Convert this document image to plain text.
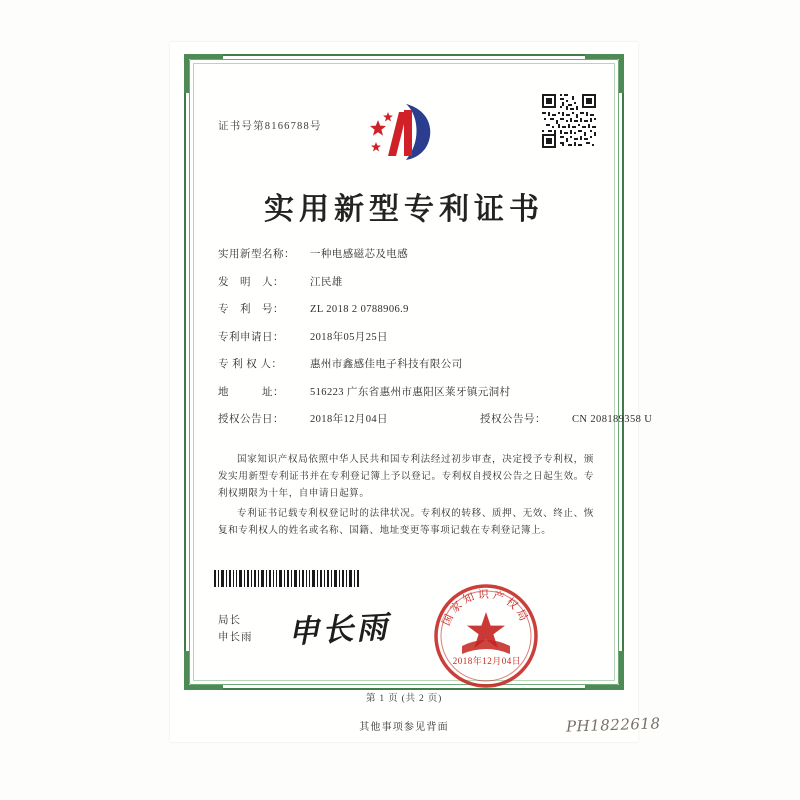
证书号第8166788号
实用新型专利证书
实用新型名称：	一种电感磁芯及电感
发　明　人：	江民雄
专　利　号：	ZL 2018 2 0788906.9
专利申请日：	2018年05月25日
专 利 权 人：	惠州市鑫感佳电子科技有限公司
地　　　址：	516223 广东省惠州市惠阳区莱牙镇元洞村
授权公告日：	2018年12月04日	授权公告号：	CN 208189358 U

国家知识产权局依照中华人民共和国专利法经过初步审查，决定授予专利权，颁发实用新型专利证书并在专利登记簿上予以登记。专利权自授权公告之日起生效。专利权期限为十年，自申请日起算。

专利证书记载专利权登记时的法律状况。专利权的转移、质押、无效、终止、恢复和专利权人的姓名或名称、国籍、地址变更等事项记载在专利登记簿上。

局长
申长雨 申长雨	国家知识产权局
2018年12月04日
第 1 页 (共 2 页)
其他事项参见背面	PH1822618
